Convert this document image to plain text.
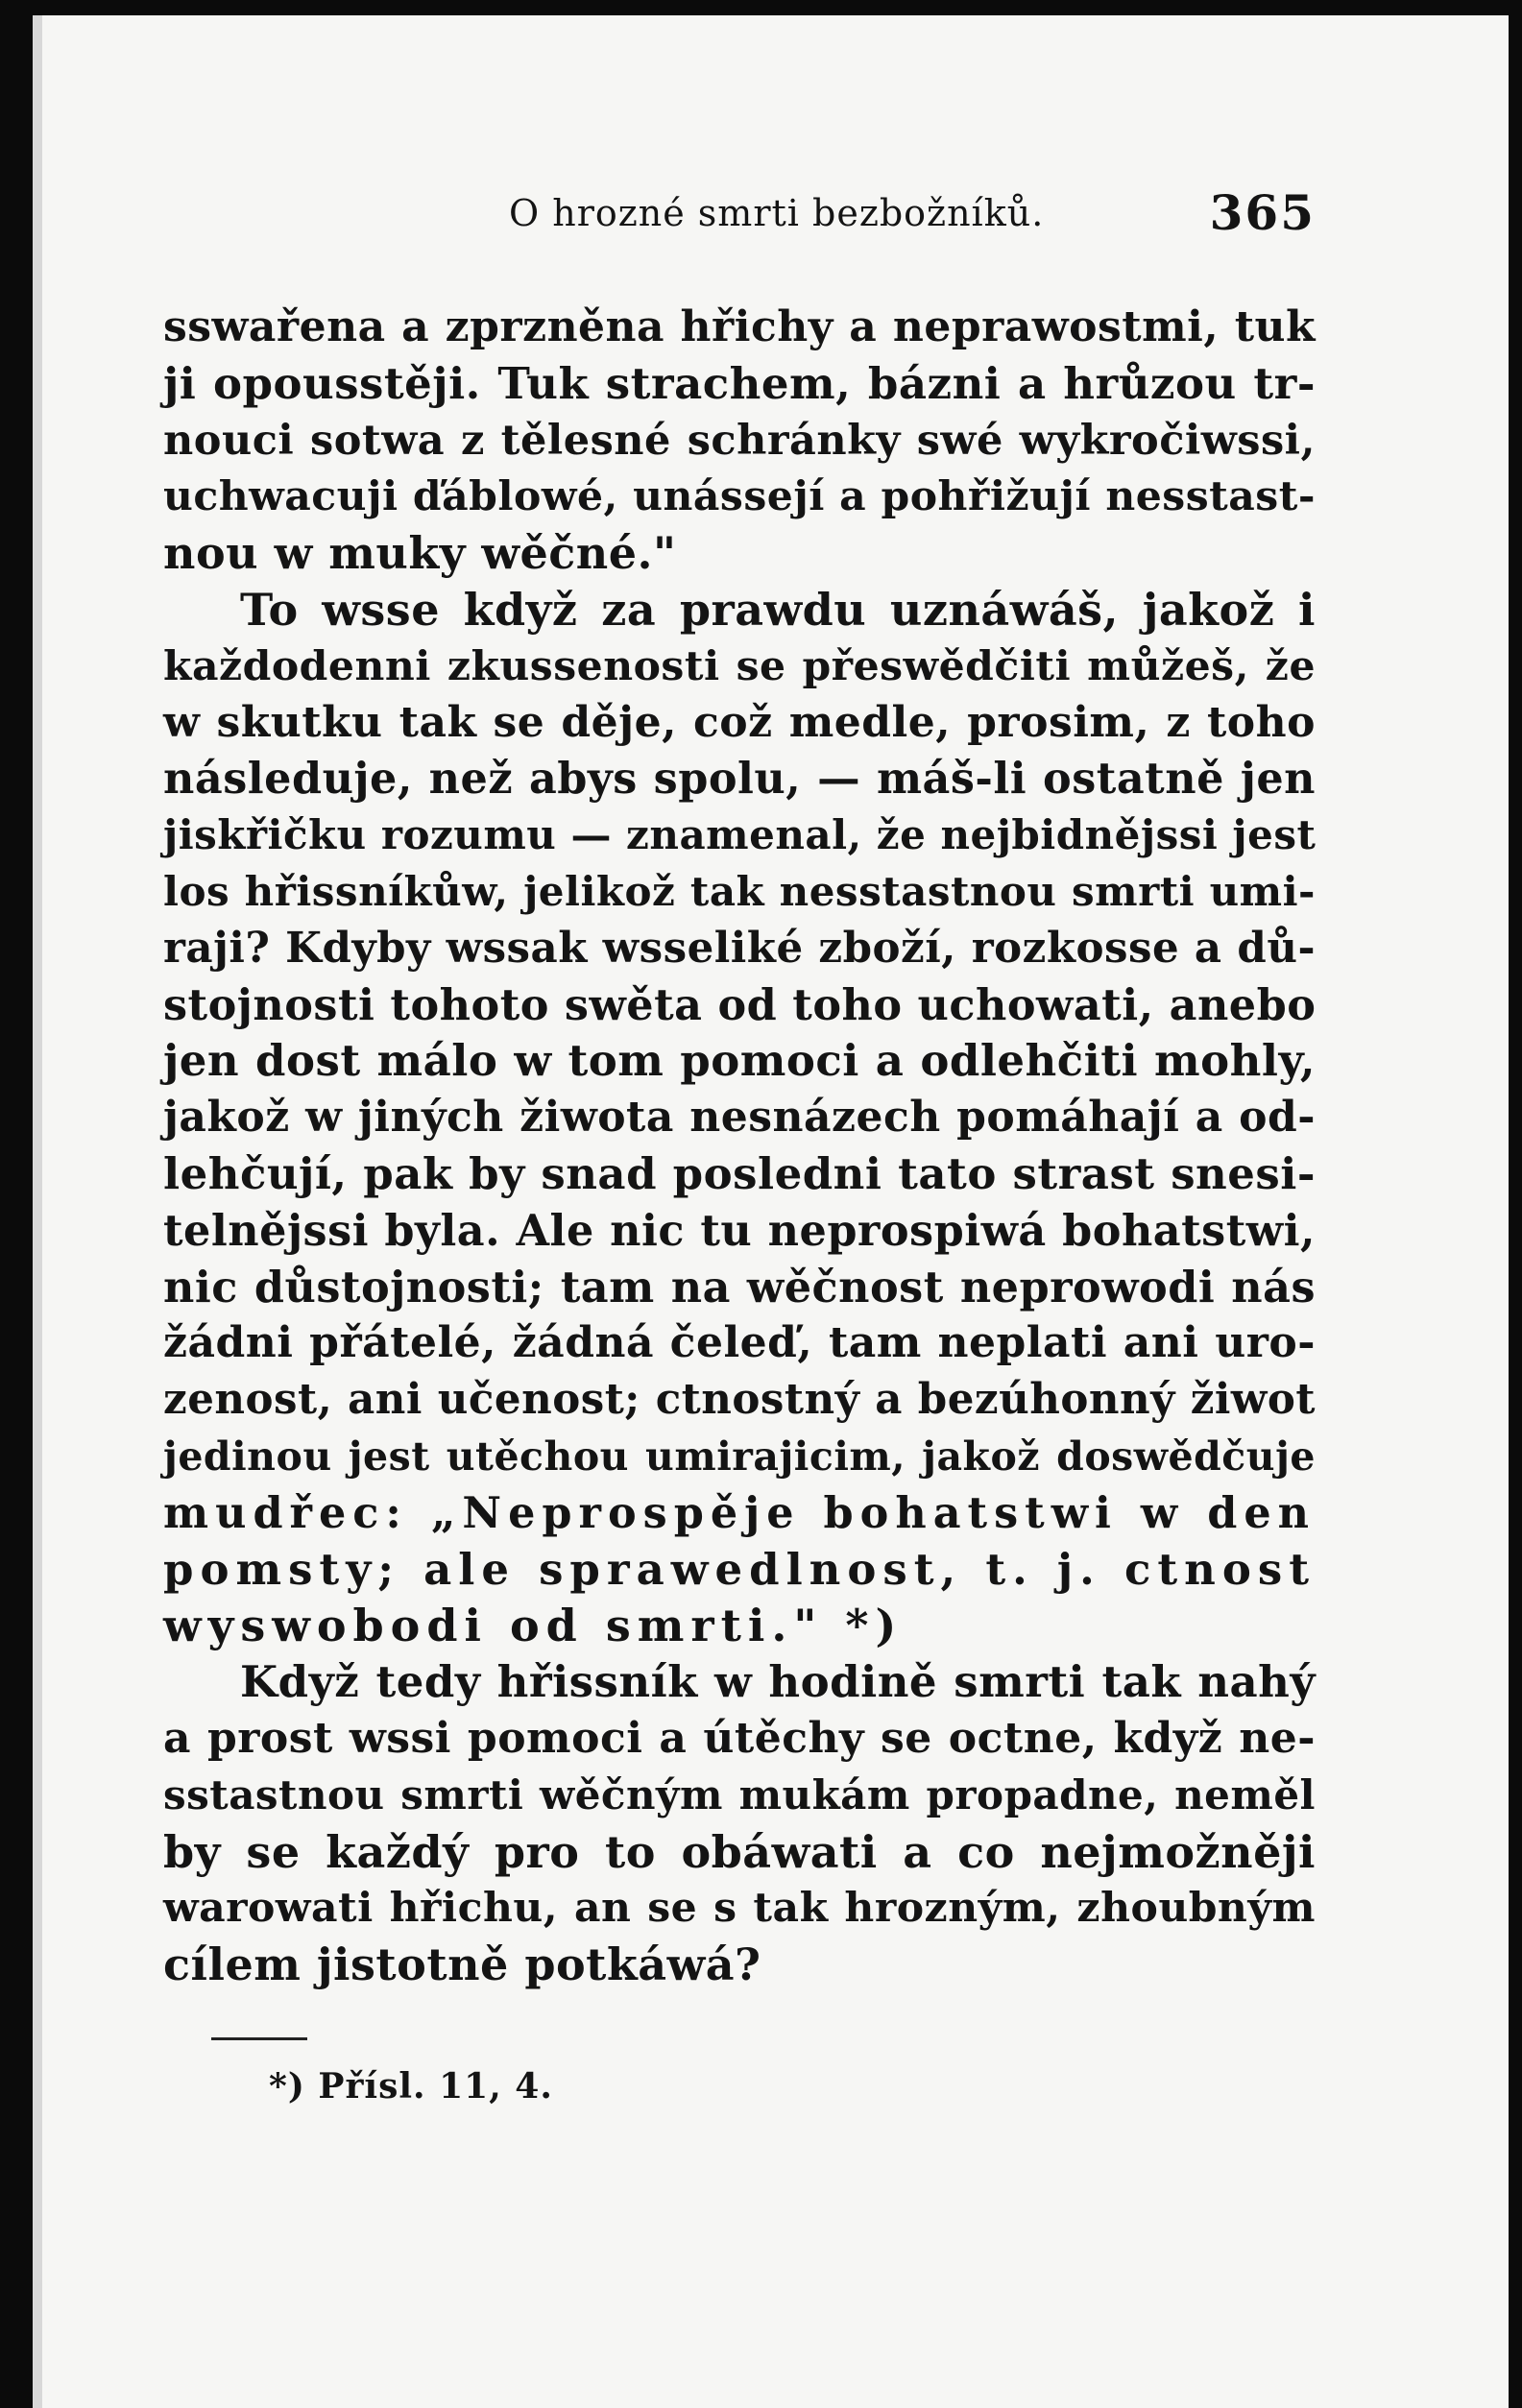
O hrozné smrti bezbožníků.	365
sswařena a zprzněna hřichy a neprawostmi, tuk
ji opousstěji. Tuk strachem, bázni a hrůzou tr-
nouci sotwa z tělesné schránky swé wykročiwssi,
uchwacuji ďáblowé, unássejí a pohřižují nesstast-
nou w muky wěčné."
To wsse když za prawdu uznáwáš, jakož i
každodenni zkussenosti se přeswědčiti můžeš, že
w skutku tak se děje, což medle, prosim, z toho
následuje, než abys spolu, — máš-li ostatně jen
jiskřičku rozumu — znamenal, že nejbidnějssi jest
los hřissníkůw, jelikož tak nesstastnou smrti umi-
raji? Kdyby wssak wsseliké zboží, rozkosse a dů-
stojnosti tohoto swěta od toho uchowati, anebo
jen dost málo w tom pomoci a odlehčiti mohly,
jakož w jiných žiwota nesnázech pomáhají a od-
lehčují, pak by snad posledni tato strast snesi-
telnějssi byla. Ale nic tu neprospiwá bohatstwi,
nic důstojnosti; tam na wěčnost neprowodi nás
žádni přátelé, žádná čeleď, tam neplati ani uro-
zenost, ani učenost; ctnostný a bezúhonný žiwot
jedinou jest utěchou umirajicim, jakož doswědčuje
mudřec: „Neprospěje bohatstwi w den
pomsty; ale sprawedlnost, t. j. ctnost
wyswobodi od smrti." *)
Když tedy hřissník w hodině smrti tak nahý
a prost wssi pomoci a útěchy se octne, když ne-
sstastnou smrti wěčným mukám propadne, neměl
by se každý pro to obáwati a co nejmožněji
warowati hřichu, an se s tak hrozným, zhoubným
cílem jistotně potkáwá?
*) Přísl. 11, 4.
